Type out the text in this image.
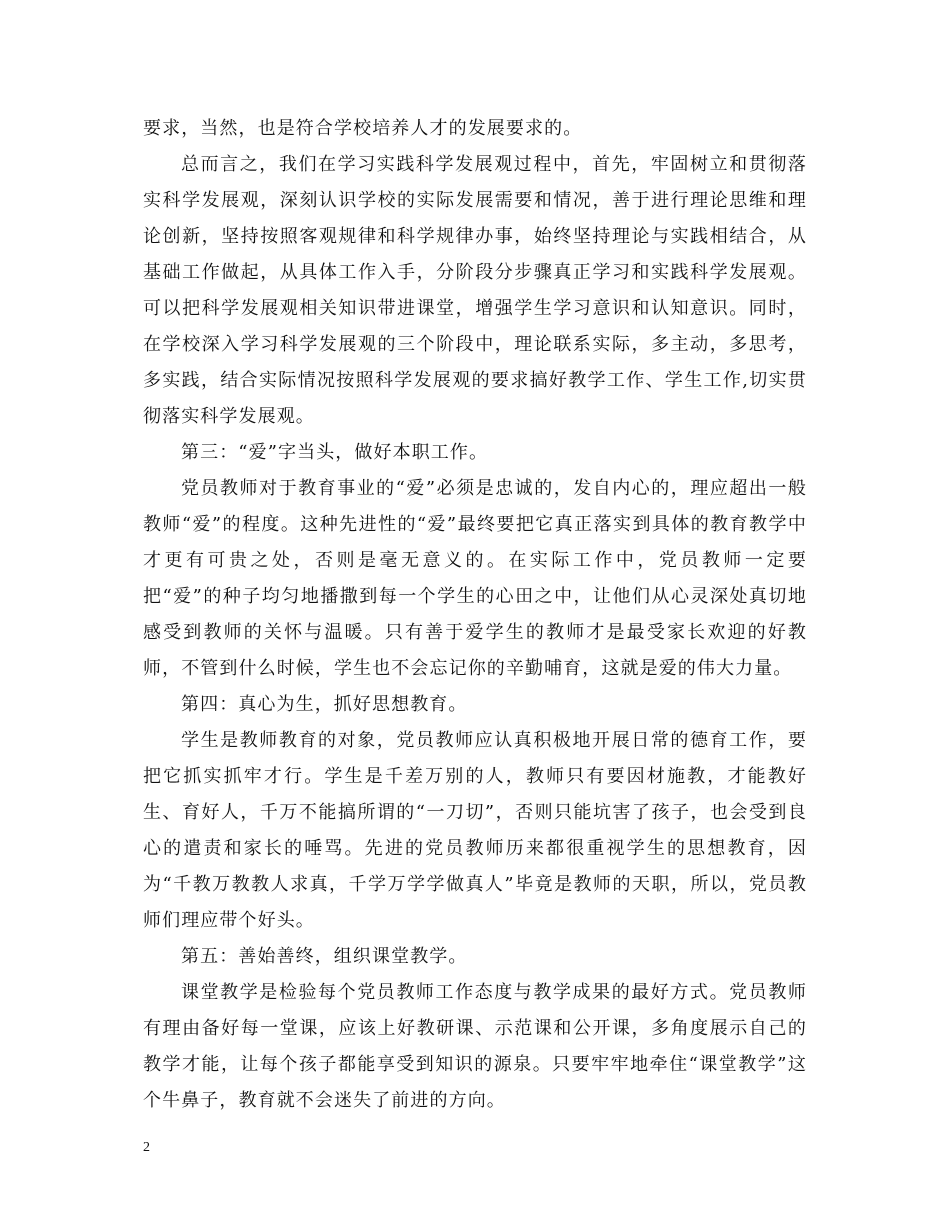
要求，当然，也是符合学校培养人才的发展要求的。

总而言之，我们在学习实践科学发展观过程中，首先，牢固树立和贯彻落实科学发展观，深刻认识学校的实际发展需要和情况，善于进行理论思维和理论创新，坚持按照客观规律和科学规律办事，始终坚持理论与实践相结合，从基础工作做起，从具体工作入手，分阶段分步骤真正学习和实践科学发展观。可以把科学发展观相关知识带进课堂，增强学生学习意识和认知意识。同时，在学校深入学习科学发展观的三个阶段中，理论联系实际，多主动，多思考，多实践，结合实际情况按照科学发展观的要求搞好教学工作、学生工作,切实贯彻落实科学发展观。

第三：“爱”字当头，做好本职工作。

党员教师对于教育事业的“爱”必须是忠诚的，发自内心的，理应超出一般教师“爱”的程度。这种先进性的“爱”最终要把它真正落实到具体的教育教学中才更有可贵之处，否则是毫无意义的。在实际工作中，党员教师一定要把“爱”的种子均匀地播撒到每一个学生的心田之中，让他们从心灵深处真切地感受到教师的关怀与温暖。只有善于爱学生的教师才是最受家长欢迎的好教师，不管到什么时候，学生也不会忘记你的辛勤哺育，这就是爱的伟大力量。

第四：真心为生，抓好思想教育。

学生是教师教育的对象，党员教师应认真积极地开展日常的德育工作，要把它抓实抓牢才行。学生是千差万别的人，教师只有要因材施教，才能教好生、育好人，千万不能搞所谓的“一刀切”，否则只能坑害了孩子，也会受到良心的遣责和家长的唾骂。先进的党员教师历来都很重视学生的思想教育，因为“千教万教教人求真，千学万学学做真人”毕竟是教师的天职，所以，党员教师们理应带个好头。

第五：善始善终，组织课堂教学。

课堂教学是检验每个党员教师工作态度与教学成果的最好方式。党员教师有理由备好每一堂课，应该上好教研课、示范课和公开课，多角度展示自己的教学才能，让每个孩子都能享受到知识的源泉。只要牢牢地牵住“课堂教学”这个牛鼻子，教育就不会迷失了前进的方向。

2
